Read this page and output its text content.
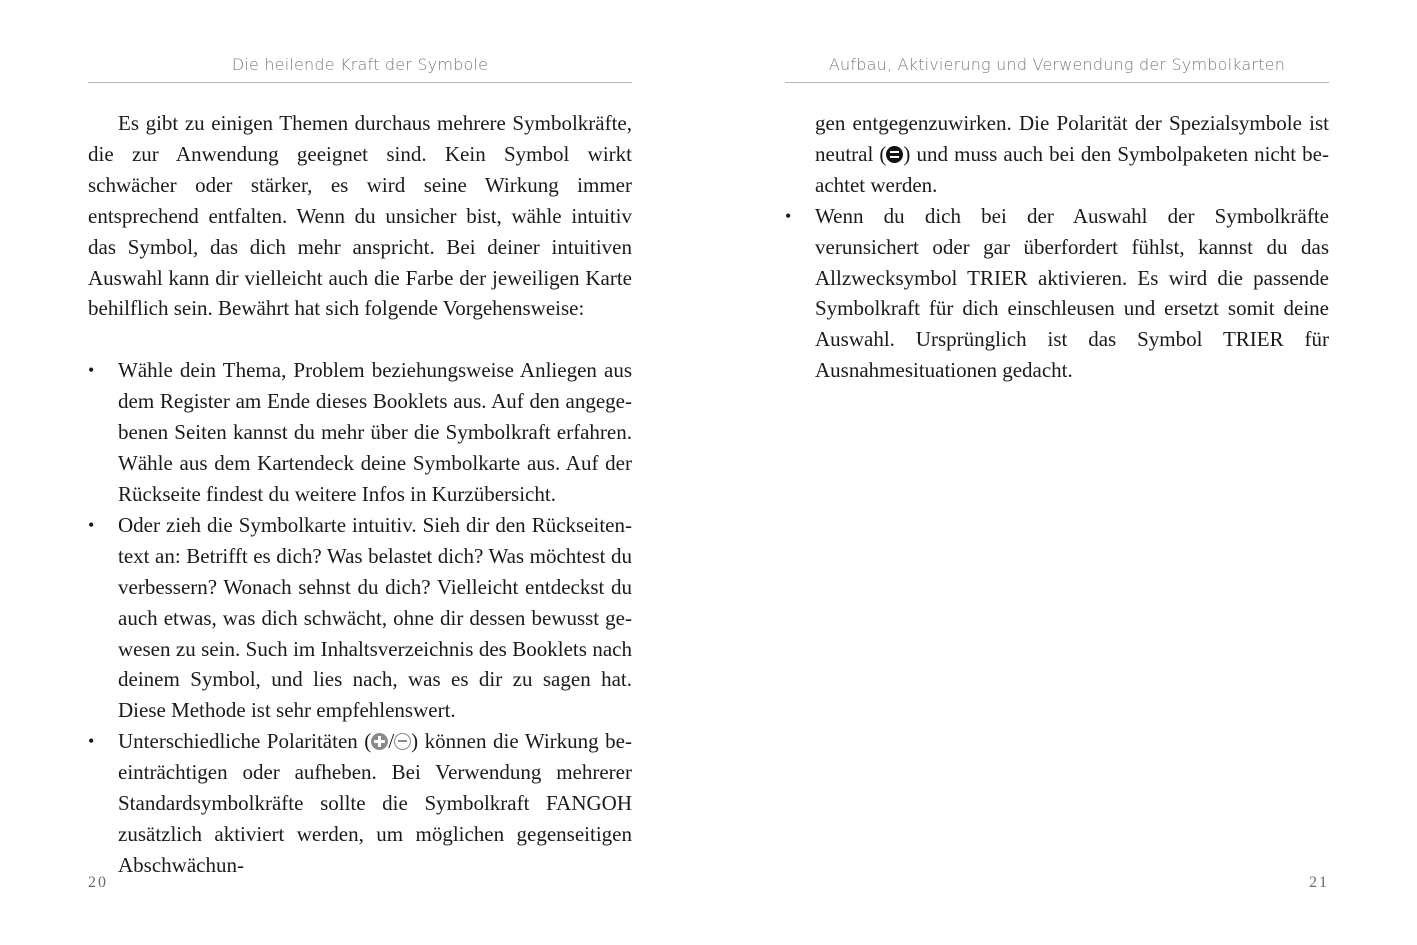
Die heilende Kraft der Symbole

Es gibt zu einigen Themen durchaus mehrere Symbolkräfte, die zur Anwendung geeignet sind. Kein Symbol wirkt schwächer oder stärker, es wird seine Wirkung immer entsprechend entfalten. Wenn du unsicher bist, wähle intuitiv das Symbol, das dich mehr anspricht. Bei deiner intuitiven Auswahl kann dir vielleicht auch die Farbe der jeweiligen Karte behilflich sein. Bewährt hat sich folgende Vorgehensweise:

• Wähle dein Thema, Problem beziehungsweise Anliegen aus dem Register am Ende dieses Booklets aus. Auf den angegebenen Seiten kannst du mehr über die Symbolkraft erfahren. Wähle aus dem Kartendeck deine Symbolkarte aus. Auf der Rückseite findest du weitere Infos in Kurzübersicht.
• Oder zieh die Symbolkarte intuitiv. Sieh dir den Rückseitentext an: Betrifft es dich? Was belastet dich? Was möchtest du verbessern? Wonach sehnst du dich? Vielleicht entdeckst du auch etwas, was dich schwächt, ohne dir dessen bewusst gewesen zu sein. Such im Inhaltsverzeichnis des Booklets nach deinem Symbol, und lies nach, was es dir zu sagen hat. Diese Methode ist sehr empfehlenswert.
• Unterschiedliche Polaritäten ( / ) können die Wirkung beeinträchtigen oder aufheben. Bei Verwendung mehrerer Standardsymbolkräfte sollte die Symbolkraft FANGOH zusätzlich aktiviert werden, um möglichen gegenseitigen Abschwächun-
20
Aufbau, Aktivierung und Verwendung der Symbolkarten

gen entgegenzuwirken. Die Polarität der Spezialsymbole ist neutral ( ) und muss auch bei den Symbolpaketen nicht beachtet werden.

• Wenn du dich bei der Auswahl der Symbolkräfte verunsichert oder gar überfordert fühlst, kannst du das Allzwecksymbol TRIER aktivieren. Es wird die passende Symbolkraft für dich einschleusen und ersetzt somit deine Auswahl. Ursprünglich ist das Symbol TRIER für Ausnahmesituationen gedacht.
21
